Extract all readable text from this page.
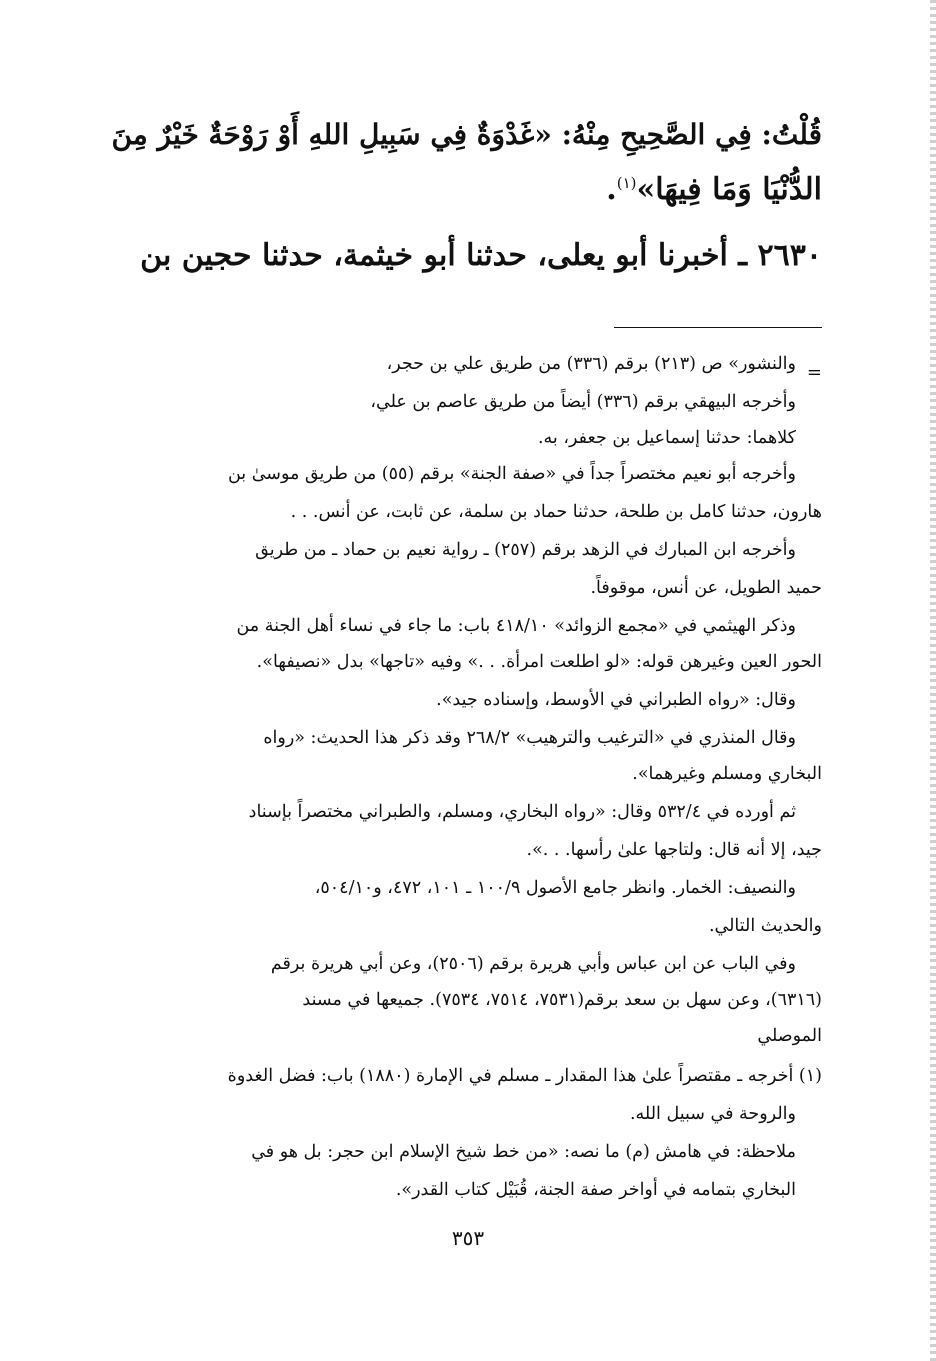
قُلْتُ: فِي الصَّحِيحِ مِنْهُ: «غَدْوَةٌ فِي سَبِيلِ اللهِ أَوْ رَوْحَةٌ خَيْرٌ مِنَ
الدُّنْيَا وَمَا فِيهَا»$^{(١)}$.
٢٦٣٠ ـ أخبرنا أبو يعلى، حدثنا أبو خيثمة، حدثنا حجين بن
=
والنشور» ص (٢١٣) برقم (٣٣٦) من طريق علي بن حجر،
وأخرجه البيهقي برقم (٣٣٦) أيضاً من طريق عاصم بن علي،
كلاهما: حدثنا إسماعيل بن جعفر، به.
وأخرجه أبو نعيم مختصراً جداً في «صفة الجنة» برقم (٥٥) من طريق موسىٰ بن
هارون، حدثنا كامل بن طلحة، حدثنا حماد بن سلمة، عن ثابت، عن أنس. . .
وأخرجه ابن المبارك في الزهد برقم (٢٥٧) ـ رواية نعيم بن حماد ـ من طريق
حميد الطويل، عن أنس، موقوفاً.
وذكر الهيثمي في «مجمع الزوائد» ٤١٨/١٠ باب: ما جاء في نساء أهل الجنة من
الحور العين وغيرهن قوله: «لو اطلعت امرأة. . .» وفيه «تاجها» بدل «نصيفها».
وقال: «رواه الطبراني في الأوسط، وإسناده جيد».
وقال المنذري في «الترغيب والترهيب» ٢٦٨/٢ وقد ذكر هذا الحديث: «رواه
البخاري ومسلم وغيرهما».
ثم أورده في ٥٣٢/٤ وقال: «رواه البخاري، ومسلم، والطبراني مختصراً بإسناد
جيد، إلا أنه قال: ولتاجها علىٰ رأسها. . .».
والنصيف: الخمار. وانظر جامع الأصول ١٠٠/٩ ـ ١٠١، ٤٧٢، و٥٠٤/١٠،
والحديث التالي.
وفي الباب عن ابن عباس وأبي هريرة برقم (٢٥٠٦)، وعن أبي هريرة برقم
(٦٣١٦)، وعن سهل بن سعد برقم(٧٥٣١، ٧٥١٤، ٧٥٣٤). جميعها في مسند
الموصلي
(١) أخرجه ـ مقتصراً علىٰ هذا المقدار ـ مسلم في الإمارة (١٨٨٠) باب: فضل الغدوة
والروحة في سبيل الله.
ملاحظة: في هامش (م) ما نصه: «من خط شيخ الإسلام ابن حجر: بل هو في
البخاري بتمامه في أواخر صفة الجنة، قُبَيْل كتاب القدر».
٣٥٣
